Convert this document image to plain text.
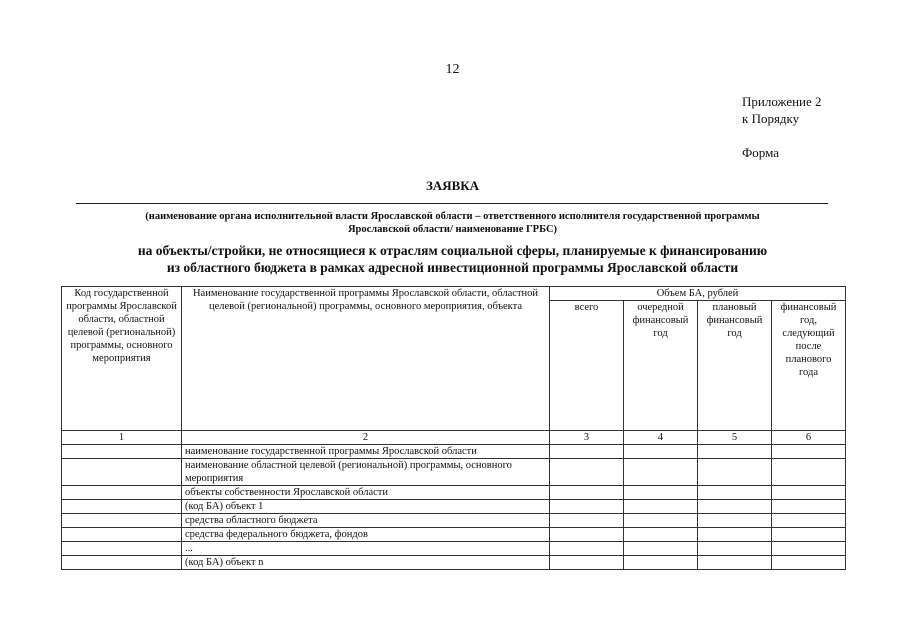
12
Приложение 2
к Порядку
Форма
ЗАЯВКА
(наименование органа исполнительной власти Ярославской области – ответственного исполнителя государственной программы
Ярославской области/ наименование ГРБС)
на объекты/стройки, не относящиеся к отраслям социальной сферы, планируемые к финансированию
из областного бюджета в рамках адресной инвестиционной программы Ярославской области
Код государственной программы Ярославской области, областной целевой (региональной) программы, основного мероприятия	Наименование государственной программы Ярославской области, областной целевой (региональной) программы, основного мероприятия, объекта	Объем БА, рублей			
		всего	очередной финансовый год	плановый финансовый год	финансовый год, следующий после планового года
1	2	3	4	5	6
	наименование государственной программы Ярославской области				
	наименование областной целевой (региональной) программы, основного мероприятия				
	объекты собственности Ярославской области				
	(код БА) объект 1				
	средства областного бюджета				
	средства федерального бюджета, фондов				
	...				
	(код БА) объект n				
